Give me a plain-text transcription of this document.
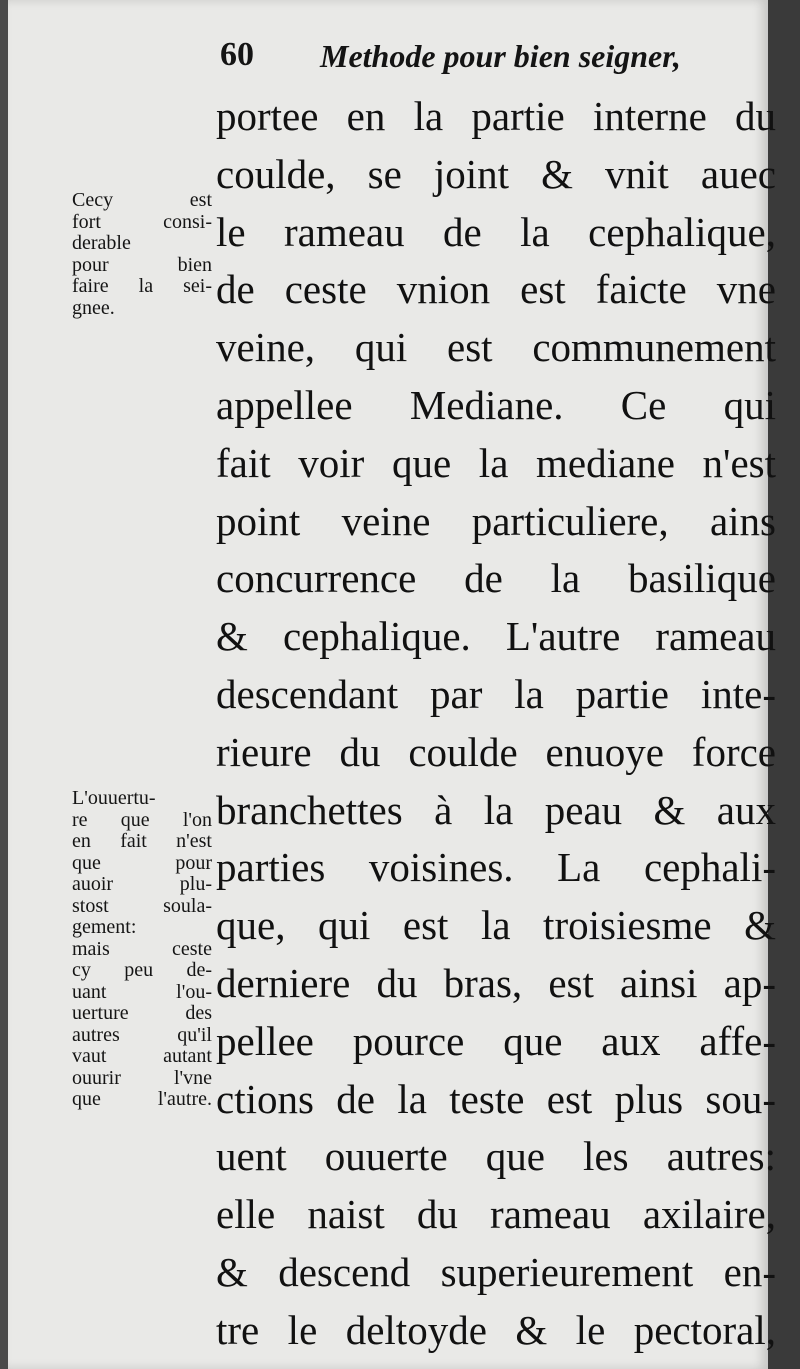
60 Methode pour bien seigner,
portee en la partie interne du
coulde, se joint & vnit auec
le rameau de la cephalique,
de ceste vnion est faicte vne
veine, qui est communement
appellee Mediane. Ce qui
fait voir que la mediane n'est
point veine particuliere, ains
concurrence de la basilique
& cephalique. L'autre rameau
descendant par la partie inte-
rieure du coulde enuoye force
branchettes à la peau & aux
parties voisines. La cephali-
que, qui est la troisiesme &
derniere du bras, est ainsi ap-
pellee pource que aux affe-
ctions de la teste est plus sou-
uent ouuerte que les autres:
elle naist du rameau axilaire,
& descend superieurement en-
tre le deltoyde & le pectoral,
Cecy est
fort consi-
derable
pour bien
faire la sei-
gnee.
L'ouuertu-
re que l'on
en fait n'est
que pour
auoir plu-
stost soula-
gement:
mais ceste
cy peu de-
uant l'ou-
uerture des
autres qu'il
vaut autant
ouurir l'vne
que l'autre.
